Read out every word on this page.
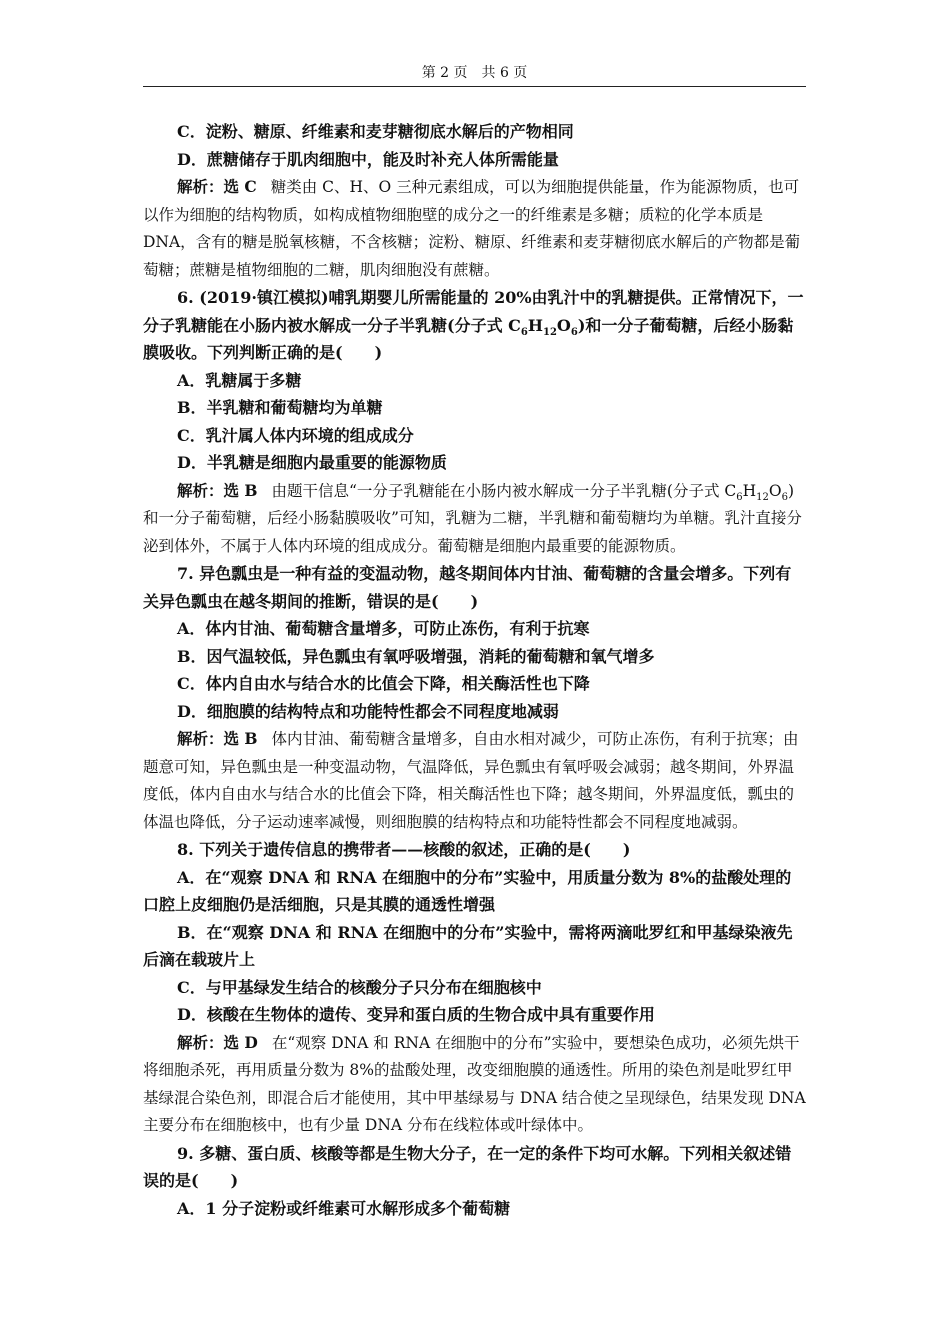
第 2 页　共 6 页

C．淀粉、糖原、纤维素和麦芽糖彻底水解后的产物相同

D．蔗糖储存于肌肉细胞中，能及时补充人体所需能量

解析：选 C 糖类由 C、H、O 三种元素组成，可以为细胞提供能量，作为能源物质，也可以作为细胞的结构物质，如构成植物细胞壁的成分之一的纤维素是多糖；质粒的化学本质是 DNA，含有的糖是脱氧核糖，不含核糖；淀粉、糖原、纤维素和麦芽糖彻底水解后的产物都是葡萄糖；蔗糖是植物细胞的二糖，肌肉细胞没有蔗糖。

6. (2019·镇江模拟)哺乳期婴儿所需能量的 20%由乳汁中的乳糖提供。正常情况下，一分子乳糖能在小肠内被水解成一分子半乳糖(分子式 $C_6H_{12}O_6$)和一分子葡萄糖，后经小肠黏膜吸收。下列判断正确的是(　　)

A．乳糖属于多糖

B．半乳糖和葡萄糖均为单糖

C．乳汁属人体内环境的组成成分

D．半乳糖是细胞内最重要的能源物质

解析：选 B 由题干信息“一分子乳糖能在小肠内被水解成一分子半乳糖(分子式 $C_6H_{12}O_6$)和一分子葡萄糖，后经小肠黏膜吸收”可知，乳糖为二糖，半乳糖和葡萄糖均为单糖。乳汁直接分泌到体外，不属于人体内环境的组成成分。葡萄糖是细胞内最重要的能源物质。

7. 异色瓢虫是一种有益的变温动物，越冬期间体内甘油、葡萄糖的含量会增多。下列有关异色瓢虫在越冬期间的推断，错误的是(　　)

A．体内甘油、葡萄糖含量增多，可防止冻伤，有利于抗寒

B．因气温较低，异色瓢虫有氧呼吸增强，消耗的葡萄糖和氧气增多

C．体内自由水与结合水的比值会下降，相关酶活性也下降

D．细胞膜的结构特点和功能特性都会不同程度地减弱

解析：选 B 体内甘油、葡萄糖含量增多，自由水相对减少，可防止冻伤，有利于抗寒；由题意可知，异色瓢虫是一种变温动物，气温降低，异色瓢虫有氧呼吸会减弱；越冬期间，外界温度低，体内自由水与结合水的比值会下降，相关酶活性也下降；越冬期间，外界温度低，瓢虫的体温也降低，分子运动速率减慢，则细胞膜的结构特点和功能特性都会不同程度地减弱。

8. 下列关于遗传信息的携带者——核酸的叙述，正确的是(　　)

A．在“观察 DNA 和 RNA 在细胞中的分布”实验中，用质量分数为 8%的盐酸处理的口腔上皮细胞仍是活细胞，只是其膜的通透性增强

B．在“观察 DNA 和 RNA 在细胞中的分布”实验中，需将两滴吡罗红和甲基绿染液先后滴在载玻片上

C．与甲基绿发生结合的核酸分子只分布在细胞核中

D．核酸在生物体的遗传、变异和蛋白质的生物合成中具有重要作用

解析：选 D 在“观察 DNA 和 RNA 在细胞中的分布”实验中，要想染色成功，必须先烘干将细胞杀死，再用质量分数为 8%的盐酸处理，改变细胞膜的通透性。所用的染色剂是吡罗红甲基绿混合染色剂，即混合后才能使用，其中甲基绿易与 DNA 结合使之呈现绿色，结果发现 DNA 主要分布在细胞核中，也有少量 DNA 分布在线粒体或叶绿体中。

9. 多糖、蛋白质、核酸等都是生物大分子，在一定的条件下均可水解。下列相关叙述错误的是(　　)

A．1 分子淀粉或纤维素可水解形成多个葡萄糖
